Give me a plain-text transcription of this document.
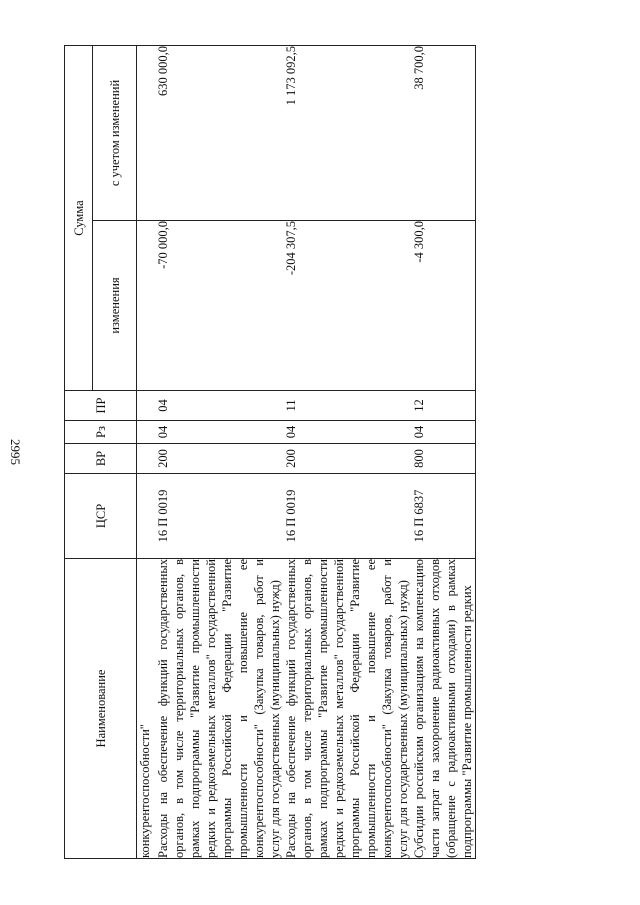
2995
Наименование	ЦСР	ВР	Рз	ПР	Сумма	
					изменения	с учетом изменений
конкурентоспособности"						
Расходы на обеспечение функций государственных органов, в том числе территориальных органов, в рамках подпрограммы "Развитие промышленности редких и редкоземельных металлов" государственной программы Российской Федерации "Развитие промышленности и повышение ее конкурентоспособности" (Закупка товаров, работ и услуг для государственных (муниципальных) нужд)	16 П 0019	200	04	04	-70 000,0	630 000,0
Расходы на обеспечение функций государственных органов, в том числе территориальных органов, в рамках подпрограммы "Развитие промышленности редких и редкоземельных металлов" государственной программы Российской Федерации "Развитие промышленности и повышение ее конкурентоспособности" (Закупка товаров, работ и услуг для государственных (муниципальных) нужд)	16 П 0019	200	04	11	-204 307,5	1 173 092,5
Субсидии российским организациям на компенсацию части затрат на захоронение радиоактивных отходов (обращение с радиоактивными отходами) в рамках подпрограммы "Развитие промышленности редких	16 П 6837	800	04	12	-4 300,0	38 700,0
